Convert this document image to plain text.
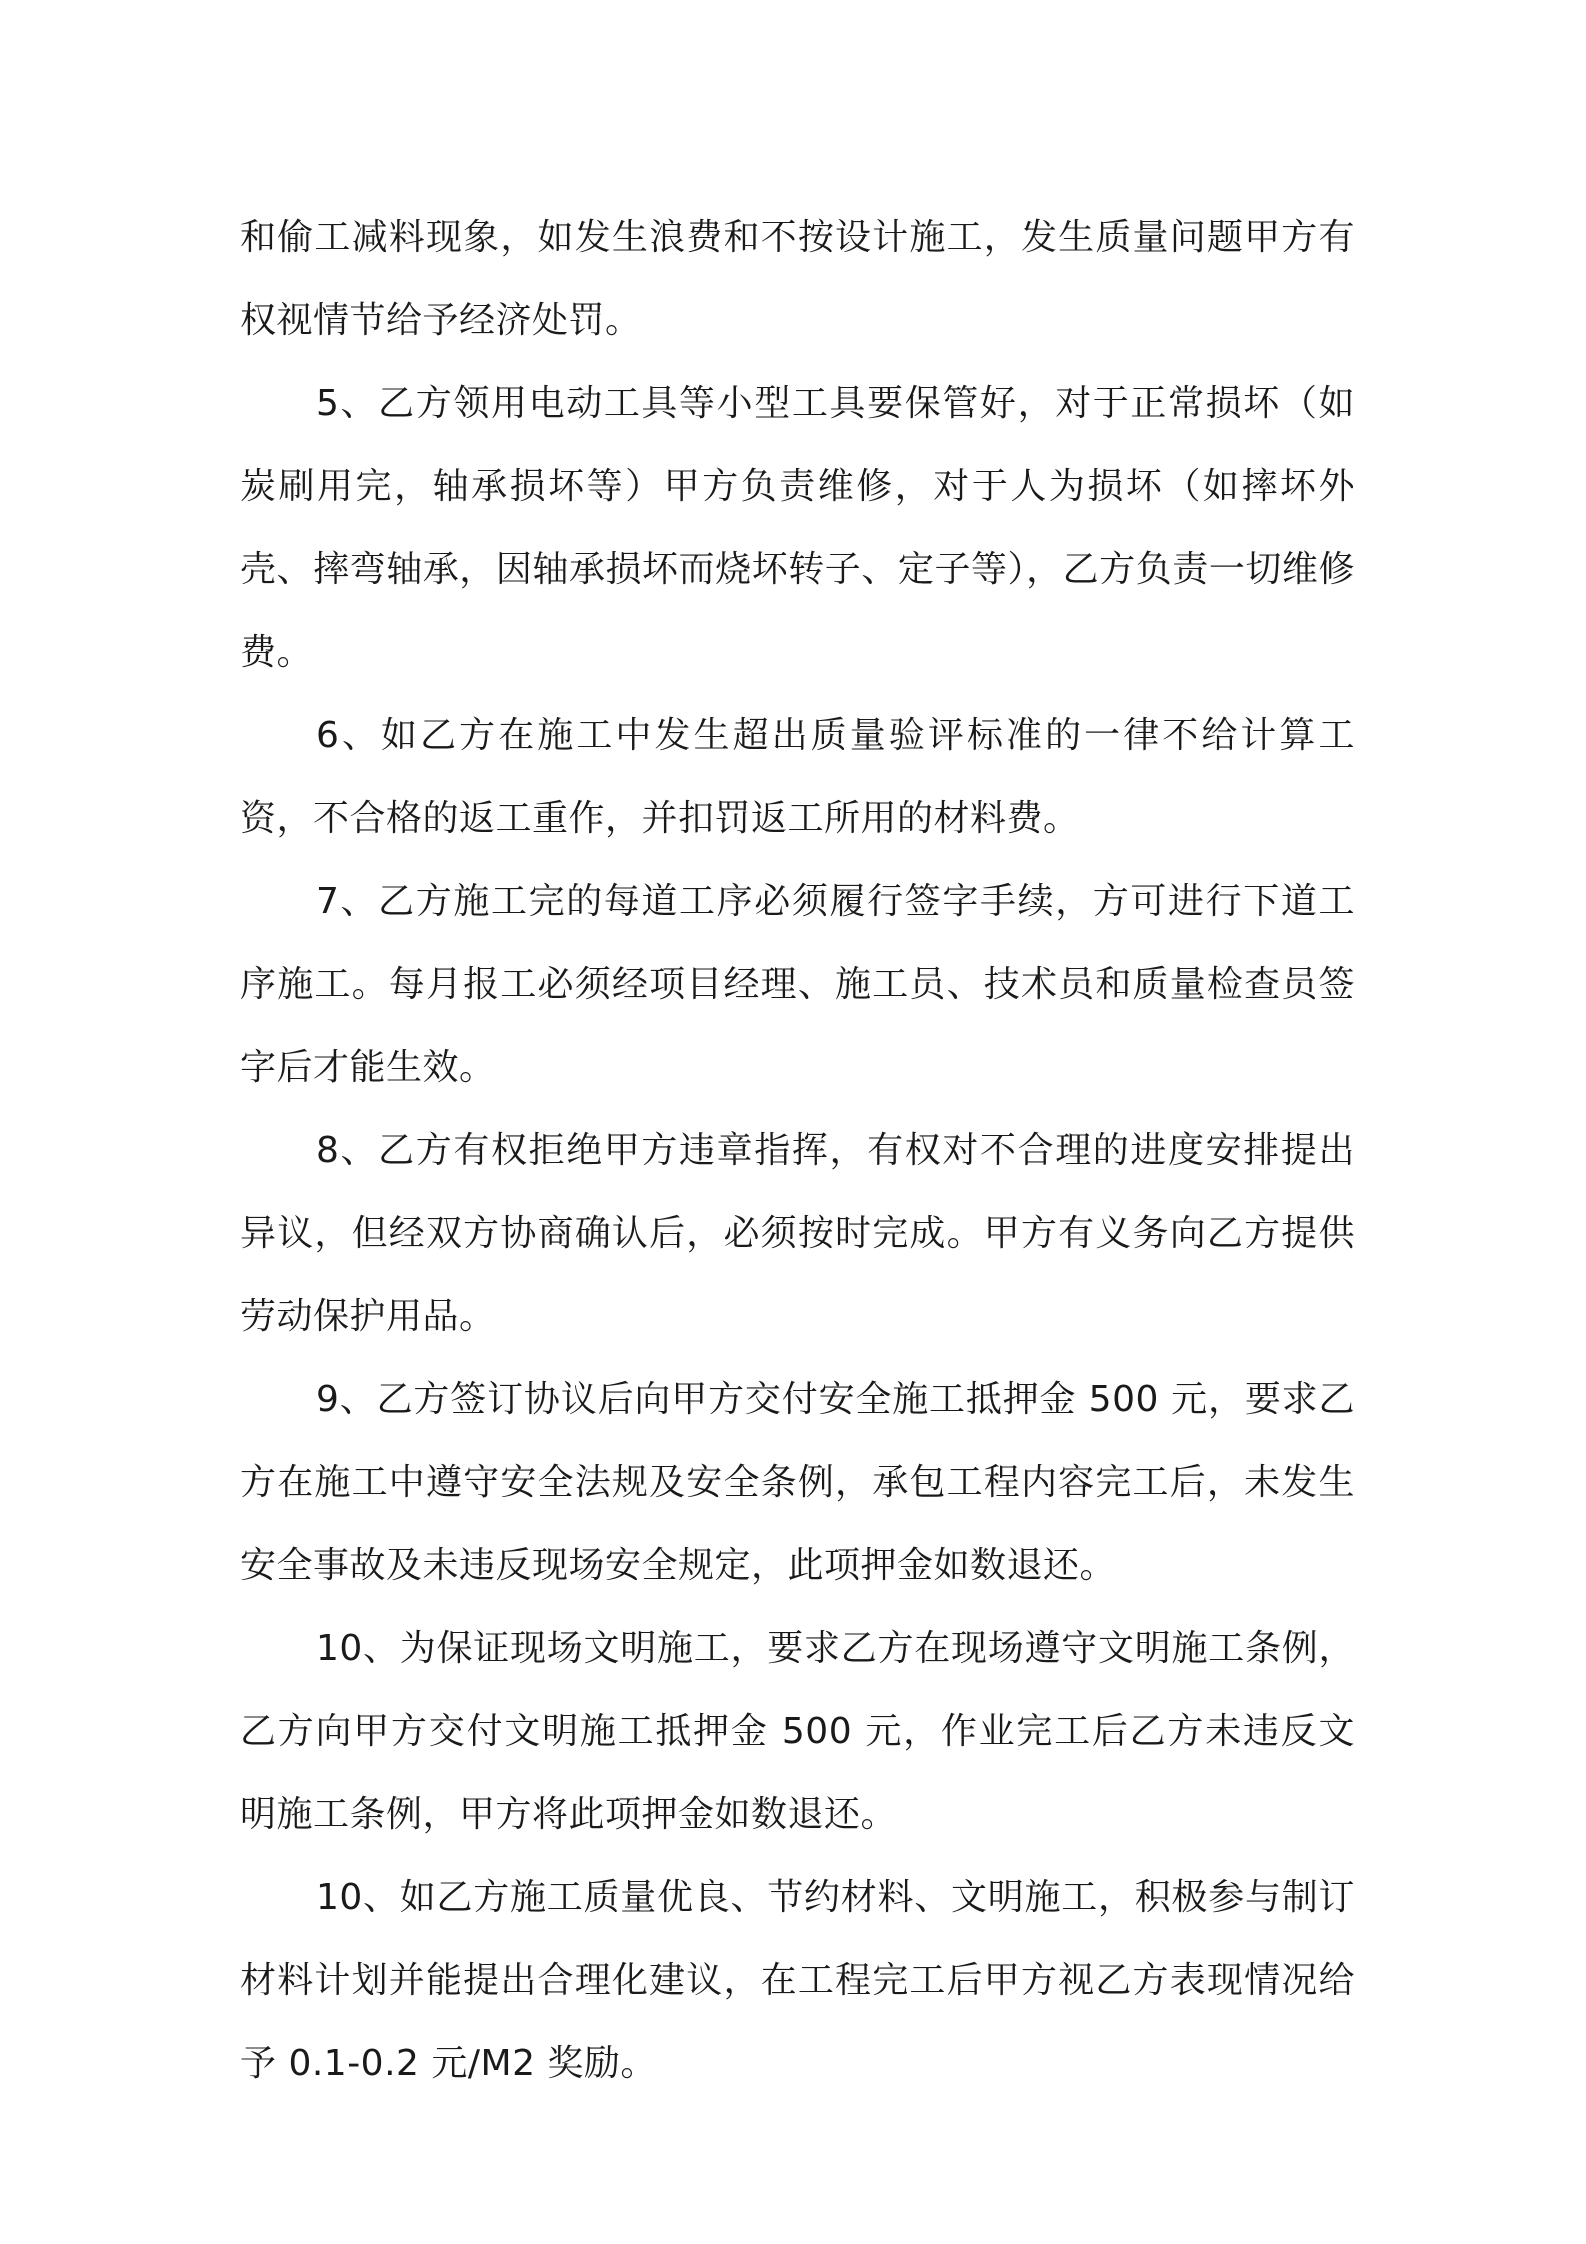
和偷工减料现象，如发生浪费和不按设计施工，发生质量问题甲方有权视情节给予经济处罚。

5、乙方领用电动工具等小型工具要保管好，对于正常损坏（如炭刷用完，轴承损坏等）甲方负责维修，对于人为损坏（如摔坏外壳、摔弯轴承，因轴承损坏而烧坏转子、定子等），乙方负责一切维修费。

6、如乙方在施工中发生超出质量验评标准的一律不给计算工资，不合格的返工重作，并扣罚返工所用的材料费。

7、乙方施工完的每道工序必须履行签字手续，方可进行下道工序施工。每月报工必须经项目经理、施工员、技术员和质量检查员签字后才能生效。

8、乙方有权拒绝甲方违章指挥，有权对不合理的进度安排提出异议，但经双方协商确认后，必须按时完成。甲方有义务向乙方提供劳动保护用品。

9、乙方签订协议后向甲方交付安全施工抵押金 500 元，要求乙方在施工中遵守安全法规及安全条例，承包工程内容完工后，未发生安全事故及未违反现场安全规定，此项押金如数退还。

10、为保证现场文明施工，要求乙方在现场遵守文明施工条例，乙方向甲方交付文明施工抵押金 500 元，作业完工后乙方未违反文明施工条例，甲方将此项押金如数退还。

10、如乙方施工质量优良、节约材料、文明施工，积极参与制订材料计划并能提出合理化建议，在工程完工后甲方视乙方表现情况给予 0.1-0.2 元/M2 奖励。
